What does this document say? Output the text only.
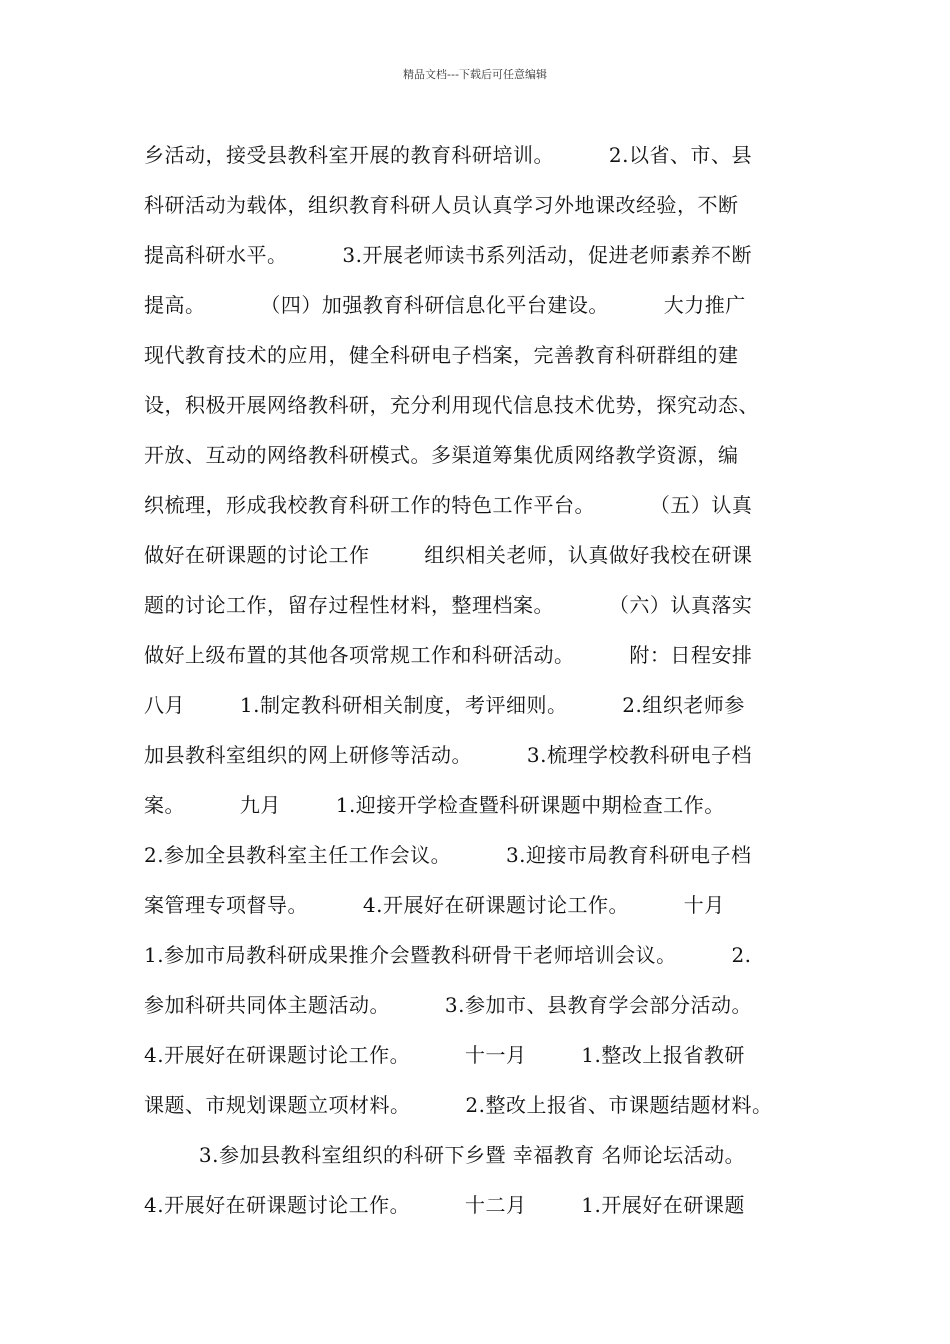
精品文档---下载后可任意编辑
乡活动，接受县教科室开展的教育科研培训。        2.以省、市、县
科研活动为载体，组织教育科研人员认真学习外地课改经验，不断
提高科研水平。        3.开展老师读书系列活动，促进老师素养不断
提高。        （四）加强教育科研信息化平台建设。        大力推广
现代教育技术的应用，健全科研电子档案，完善教育科研群组的建
设，积极开展网络教科研，充分利用现代信息技术优势，探究动态、
开放、互动的网络教科研模式。多渠道筹集优质网络教学资源，编
织梳理，形成我校教育科研工作的特色工作平台。        （五）认真
做好在研课题的讨论工作        组织相关老师，认真做好我校在研课
题的讨论工作，留存过程性材料，整理档案。        （六）认真落实
做好上级布置的其他各项常规工作和科研活动。        附：日程安排
八月        1.制定教科研相关制度，考评细则。        2.组织老师参
加县教科室组织的网上研修等活动。        3.梳理学校教科研电子档
案。        九月        1.迎接开学检查暨科研课题中期检查工作。
2.参加全县教科室主任工作会议。        3.迎接市局教育科研电子档
案管理专项督导。        4.开展好在研课题讨论工作。        十月
1.参加市局教科研成果推介会暨教科研骨干老师培训会议。        2.
参加科研共同体主题活动。        3.参加市、县教育学会部分活动。
4.开展好在研课题讨论工作。        十一月        1.整改上报省教研
课题、市规划课题立项材料。        2.整改上报省、市课题结题材料。
3.参加县教科室组织的科研下乡暨 幸福教育 名师论坛活动。
4.开展好在研课题讨论工作。        十二月        1.开展好在研课题
